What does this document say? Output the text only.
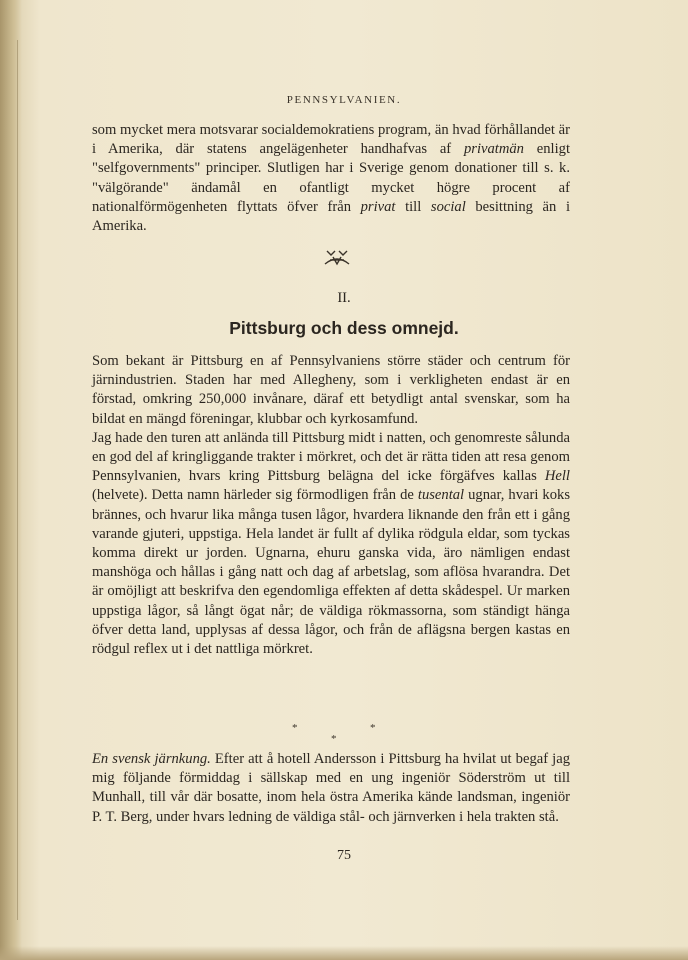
PENNSYLVANIEN.

som mycket mera motsvarar socialdemokratiens program, än hvad förhållandet är i Amerika, där statens angelägenheter handhafvas af privatmän enligt "selfgovernments" principer. Slutligen har i Sverige genom donationer till s. k. "välgörande" ändamål en ofantligt mycket högre procent af nationalförmögenheten flyttats öfver från privat till social besittning än i Amerika.

II.
Pittsburg och dess omnejd.

Som bekant är Pittsburg en af Pennsylvaniens större städer och centrum för järnindustrien. Staden har med Allegheny, som i verkligheten endast är en förstad, omkring 250,000 invånare, däraf ett betydligt antal svenskar, som ha bildat en mängd föreningar, klubbar och kyrkosamfund.

Jag hade den turen att anlända till Pittsburg midt i natten, och genomreste sålunda en god del af kringliggande trakter i mörkret, och det är rätta tiden att resa genom Pennsylvanien, hvars kring Pittsburg belägna del icke förgäfves kallas Hell (helvete). Detta namn härleder sig förmodligen från de tusental ugnar, hvari koks brännes, och hvarur lika många tusen lågor, hvardera liknande den från ett i gång varande gjuteri, uppstiga. Hela landet är fullt af dylika rödgula eldar, som tyckas komma direkt ur jorden. Ugnarna, ehuru ganska vida, äro nämligen endast manshöga och hållas i gång natt och dag af arbetslag, som aflösa hvarandra. Det är omöjligt att beskrifva den egendomliga effekten af detta skådespel. Ur marken uppstiga lågor, så långt ögat når; de väldiga rökmassorna, som ständigt hänga öfver detta land, upplysas af dessa lågor, och från de aflägsna bergen kastas en rödgul reflex ut i det nattliga mörkret.

*	*
*

En svensk järnkung. Efter att å hotell Andersson i Pittsburg ha hvilat ut begaf jag mig följande förmiddag i sällskap med en ung ingeniör Söderström ut till Munhall, till vår där bosatte, inom hela östra Amerika kände landsman, ingeniör P. T. Berg, under hvars ledning de väldiga stål- och järnverken i hela trakten stå.

75
